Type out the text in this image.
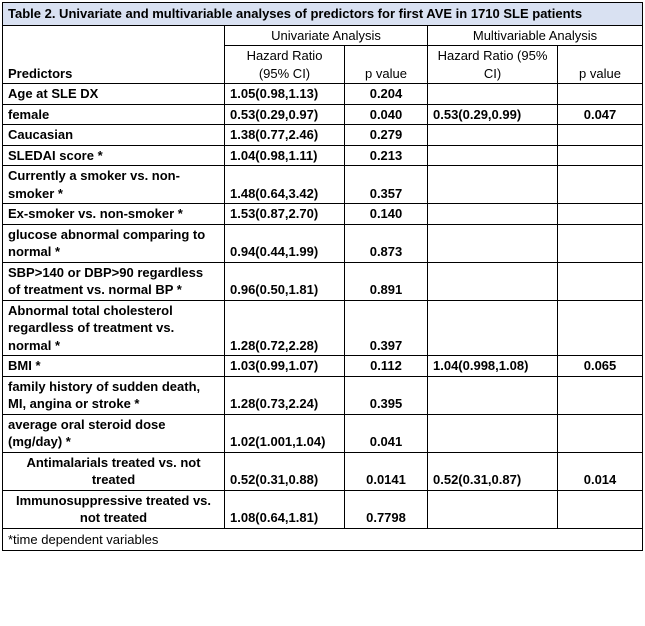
Table 2. Univariate and multivariable analyses of predictors for first AVE in 1710 SLE patients				
	Univariate Analysis		Multivariable Analysis	
Predictors	Hazard Ratio (95% CI)	p value	Hazard Ratio (95% CI)	p value
Age at SLE DX	1.05(0.98,1.13)	0.204		
female	0.53(0.29,0.97)	0.040	0.53(0.29,0.99)	0.047
Caucasian	1.38(0.77,2.46)	0.279		
SLEDAI score *	1.04(0.98,1.11)	0.213		

Currently a smoker vs. non-smoker *	1.48(0.64,3.42)	0.357		
Ex-smoker vs. non-smoker *	1.53(0.87,2.70)	0.140		

glucose abnormal comparing to normal *	0.94(0.44,1.99)	0.873		

SBP>140 or DBP>90 regardless of treatment vs. normal BP *	0.96(0.50,1.81)	0.891		

Abnormal total cholesterol regardless of treatment vs. normal *	1.28(0.72,2.28)	0.397		
BMI *	1.03(0.99,1.07)	0.112	1.04(0.998,1.08)	0.065

family history of sudden death, MI, angina or stroke *	1.28(0.73,2.24)	0.395		

average oral steroid dose (mg/day) *	1.02(1.001,1.04)	0.041		
Antimalarials treated vs. not treated	0.52(0.31,0.88)	0.0141	0.52(0.31,0.87)	0.014
Immunosuppressive treated vs. not treated	1.08(0.64,1.81)	0.7798		
*time dependent variables				
